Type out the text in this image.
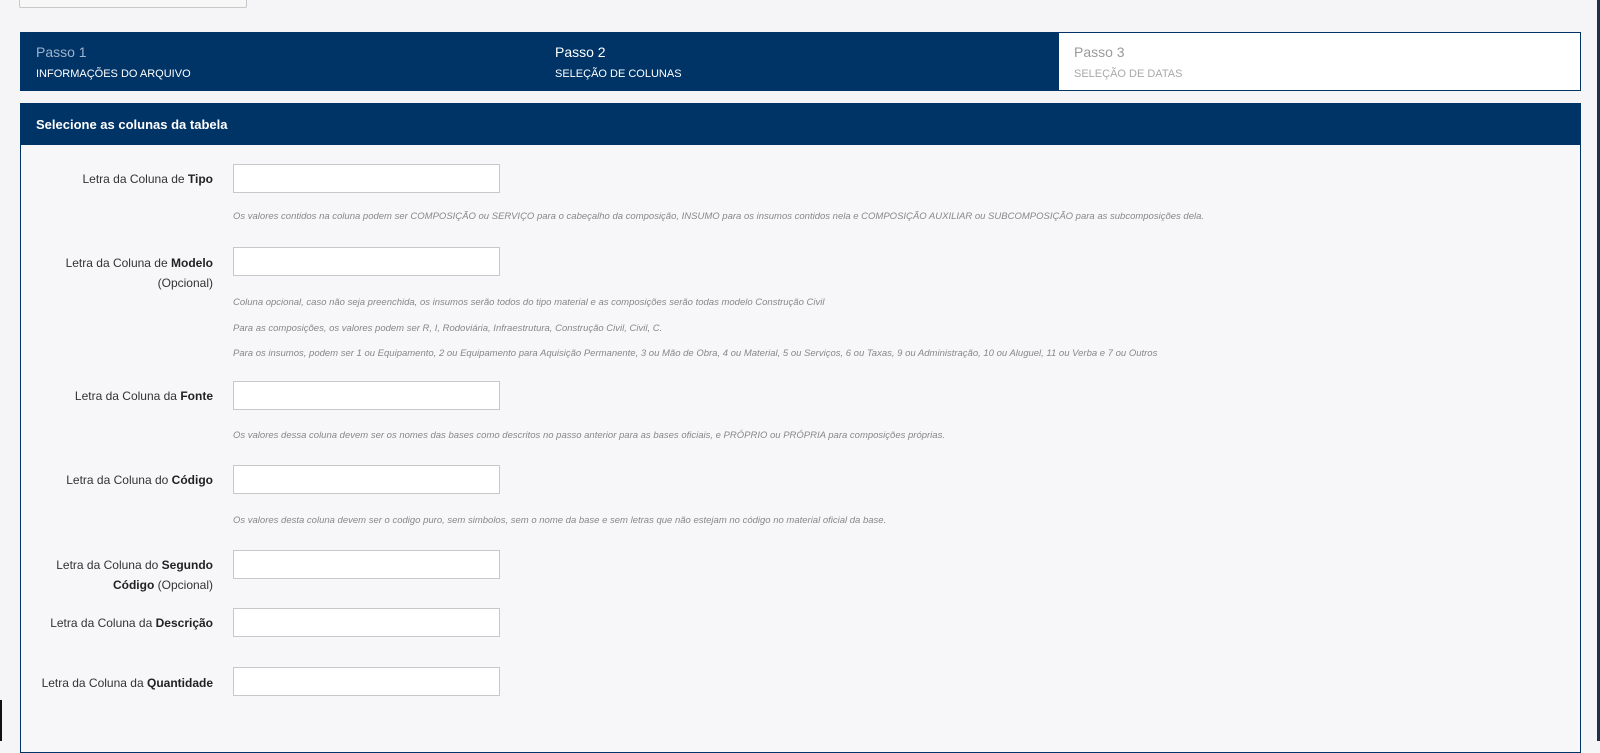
Passo 1
INFORMAÇÕES DO ARQUIVO
Passo 2
SELEÇÃO DE COLUNAS
Passo 3
SELEÇÃO DE DATAS
Selecione as colunas da tabela
Letra da Coluna de Tipo
Os valores contidos na coluna podem ser COMPOSIÇÃO ou SERVIÇO para o cabeçalho da composição, INSUMO para os insumos contidos nela e COMPOSIÇÃO AUXILIAR ou SUBCOMPOSIÇÃO para as subcomposições dela.
Letra da Coluna de Modelo
(Opcional)
Coluna opcional, caso não seja preenchida, os insumos serão todos do tipo material e as composições serão todas modelo Construção Civil
Para as composições, os valores podem ser R, I, Rodoviária, Infraestrutura, Construção Civil, Civil, C.
Para os insumos, podem ser 1 ou Equipamento, 2 ou Equipamento para Aquisição Permanente, 3 ou Mão de Obra, 4 ou Material, 5 ou Serviços, 6 ou Taxas, 9 ou Administração, 10 ou Aluguel, 11 ou Verba e 7 ou Outros
Letra da Coluna da Fonte
Os valores dessa coluna devem ser os nomes das bases como descritos no passo anterior para as bases oficiais, e PRÓPRIO ou PRÓPRIA para composições próprias.
Letra da Coluna do Código
Os valores desta coluna devem ser o codigo puro, sem simbolos, sem o nome da base e sem letras que não estejam no código no material oficial da base.
Letra da Coluna do Segundo
Código (Opcional)
Letra da Coluna da Descrição
Letra da Coluna da Quantidade
